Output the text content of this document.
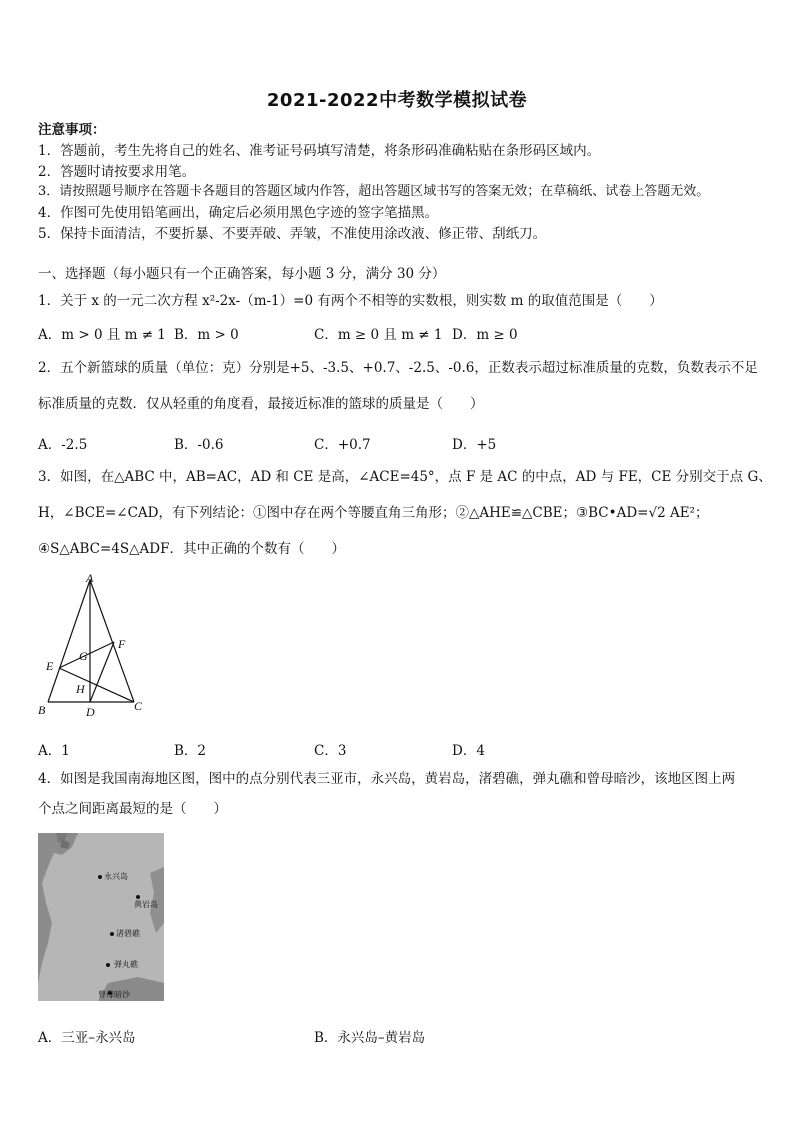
2021-2022中考数学模拟试卷
注意事项：
1．答题前，考生先将自己的姓名、准考证号码填写清楚，将条形码准确粘贴在条形码区域内。
2．答题时请按要求用笔。
3．请按照题号顺序在答题卡各题目的答题区域内作答，超出答题区域书写的答案无效；在草稿纸、试卷上答题无效。
4．作图可先使用铅笔画出，确定后必须用黑色字迹的签字笔描黑。
5．保持卡面清洁，不要折暴、不要弄破、弄皱，不准使用涂改液、修正带、刮纸刀。
一、选择题（每小题只有一个正确答案，每小题 3 分，满分 30 分）
1．关于 x 的一元二次方程 x²-2x-（m-1）=0 有两个不相等的实数根，则实数 m 的取值范围是（　　）
A．m > 0 且 m ≠ 1 B．m > 0	C．m ≥ 0 且 m ≠ 1 D．m ≥ 0
2．五个新篮球的质量（单位：克）分别是+5、-3.5、+0.7、-2.5、-0.6，正数表示超过标准质量的克数，负数表示不足
标准质量的克数．仅从轻重的角度看，最接近标准的篮球的质量是（　　）
A．-2.5	B．-0.6	C．+0.7	D．+5
3．如图，在△ABC 中，AB=AC，AD 和 CE 是高，∠ACE=45°，点 F 是 AC 的中点，AD 与 FE，CE 分别交于点 G、
H，∠BCE=∠CAD，有下列结论：①图中存在两个等腰直角三角形；②△AHE≌△CBE；③BC•AD=√2 AE²；
④S△ABC=4S△ADF．其中正确的个数有（　　）
A
F
G
E
H
B	D	C
A．1	B．2	C．3	D．4
4．如图是我国南海地区图，图中的点分别代表三亚市，永兴岛，黄岩岛，渚碧礁，弹丸礁和曾母暗沙，该地区图上两
个点之间距离最短的是（　　）
永兴岛
黄岩岛
渚碧礁
弹丸礁
曾母暗沙
A．三亚–永兴岛	B．永兴岛–黄岩岛
